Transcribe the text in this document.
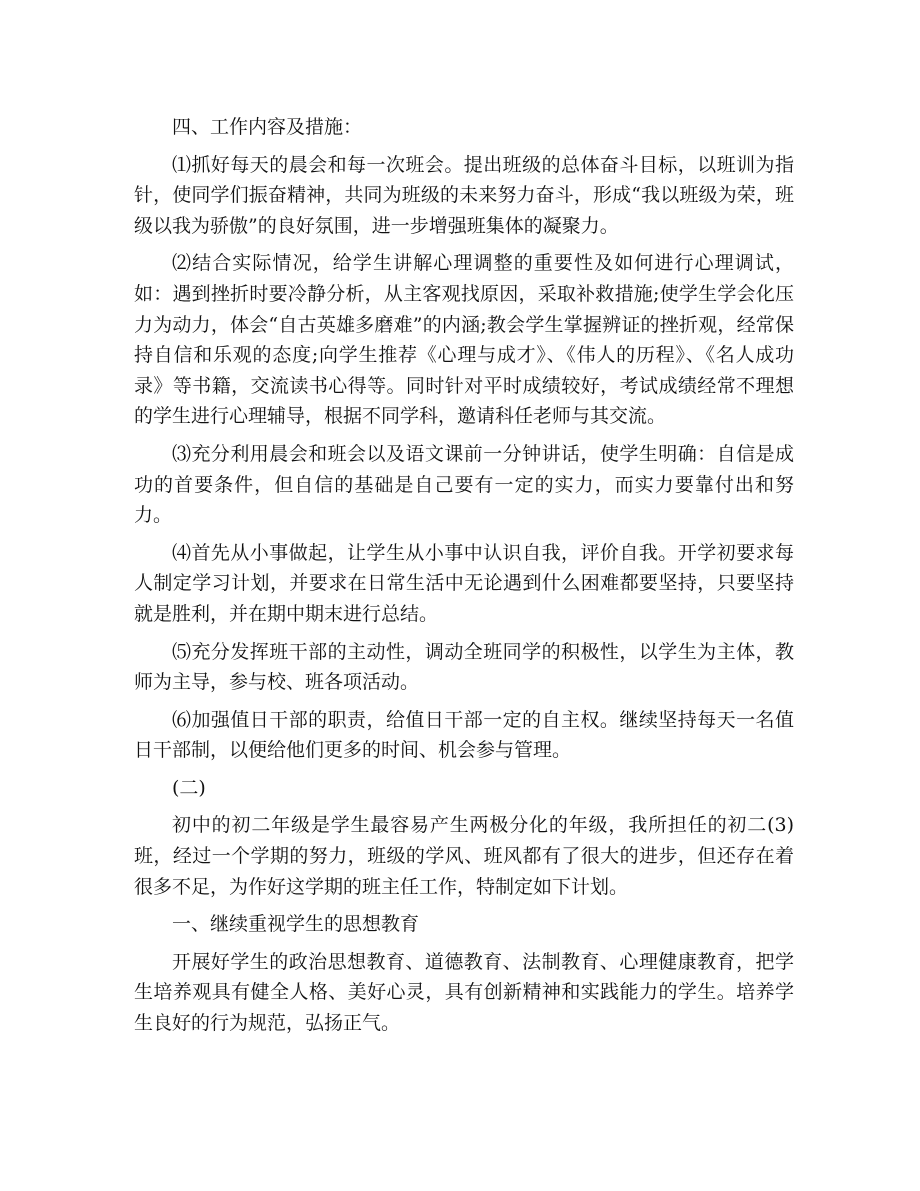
四、工作内容及措施：

⑴抓好每天的晨会和每一次班会。提出班级的总体奋斗目标，以班训为指针，使同学们振奋精神，共同为班级的未来努力奋斗，形成“我以班级为荣，班级以我为骄傲”的良好氛围，进一步增强班集体的凝聚力。

⑵结合实际情况，给学生讲解心理调整的重要性及如何进行心理调试，如：遇到挫折时要冷静分析，从主客观找原因，采取补救措施;使学生学会化压力为动力，体会“自古英雄多磨难”的内涵;教会学生掌握辨证的挫折观，经常保持自信和乐观的态度;向学生推荐《心理与成才》、《伟人的历程》、《名人成功录》等书籍，交流读书心得等。同时针对平时成绩较好，考试成绩经常不理想的学生进行心理辅导，根据不同学科，邀请科任老师与其交流。

⑶充分利用晨会和班会以及语文课前一分钟讲话，使学生明确：自信是成功的首要条件，但自信的基础是自己要有一定的实力，而实力要靠付出和努力。

⑷首先从小事做起，让学生从小事中认识自我，评价自我。开学初要求每人制定学习计划，并要求在日常生活中无论遇到什么困难都要坚持，只要坚持就是胜利，并在期中期末进行总结。

⑸充分发挥班干部的主动性，调动全班同学的积极性，以学生为主体，教师为主导，参与校、班各项活动。

⑹加强值日干部的职责，给值日干部一定的自主权。继续坚持每天一名值日干部制，以便给他们更多的时间、机会参与管理。

(二)

初中的初二年级是学生最容易产生两极分化的年级，我所担任的初二(3)班，经过一个学期的努力，班级的学风、班风都有了很大的进步，但还存在着很多不足，为作好这学期的班主任工作，特制定如下计划。

一、继续重视学生的思想教育

开展好学生的政治思想教育、道德教育、法制教育、心理健康教育，把学生培养观具有健全人格、美好心灵，具有创新精神和实践能力的学生。培养学生良好的行为规范，弘扬正气。
